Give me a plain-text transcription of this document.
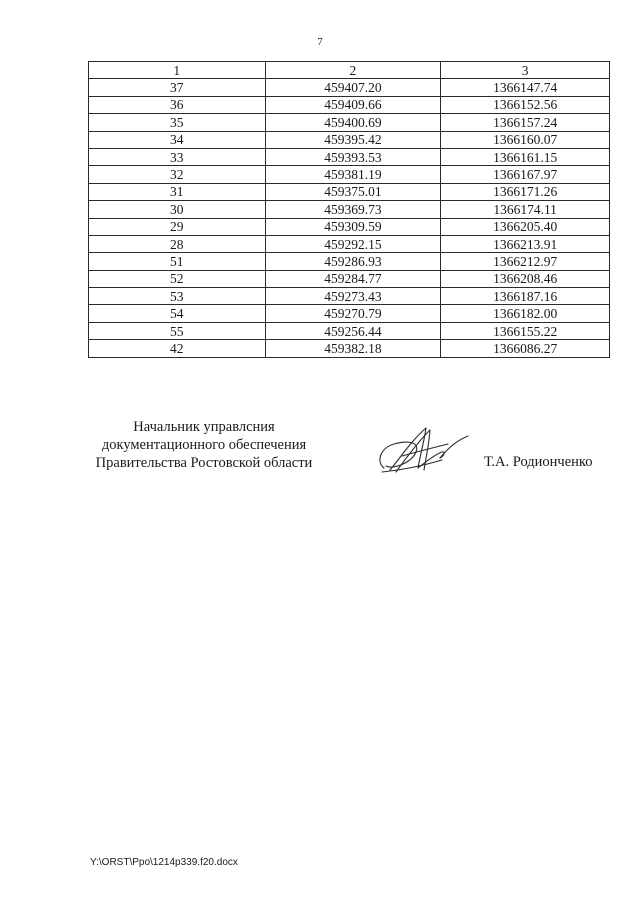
7
1	2	3
37	459407.20	1366147.74
36	459409.66	1366152.56
35	459400.69	1366157.24
34	459395.42	1366160.07
33	459393.53	1366161.15
32	459381.19	1366167.97
31	459375.01	1366171.26
30	459369.73	1366174.11
29	459309.59	1366205.40
28	459292.15	1366213.91
51	459286.93	1366212.97
52	459284.77	1366208.46
53	459273.43	1366187.16
54	459270.79	1366182.00
55	459256.44	1366155.22
42	459382.18	1366086.27
Начальник управлсния
документационного обеспечения
Правительства Ростовской области	Т.А. Родионченко
Y:\ORST\Ppo\1214p339.f20.docx
